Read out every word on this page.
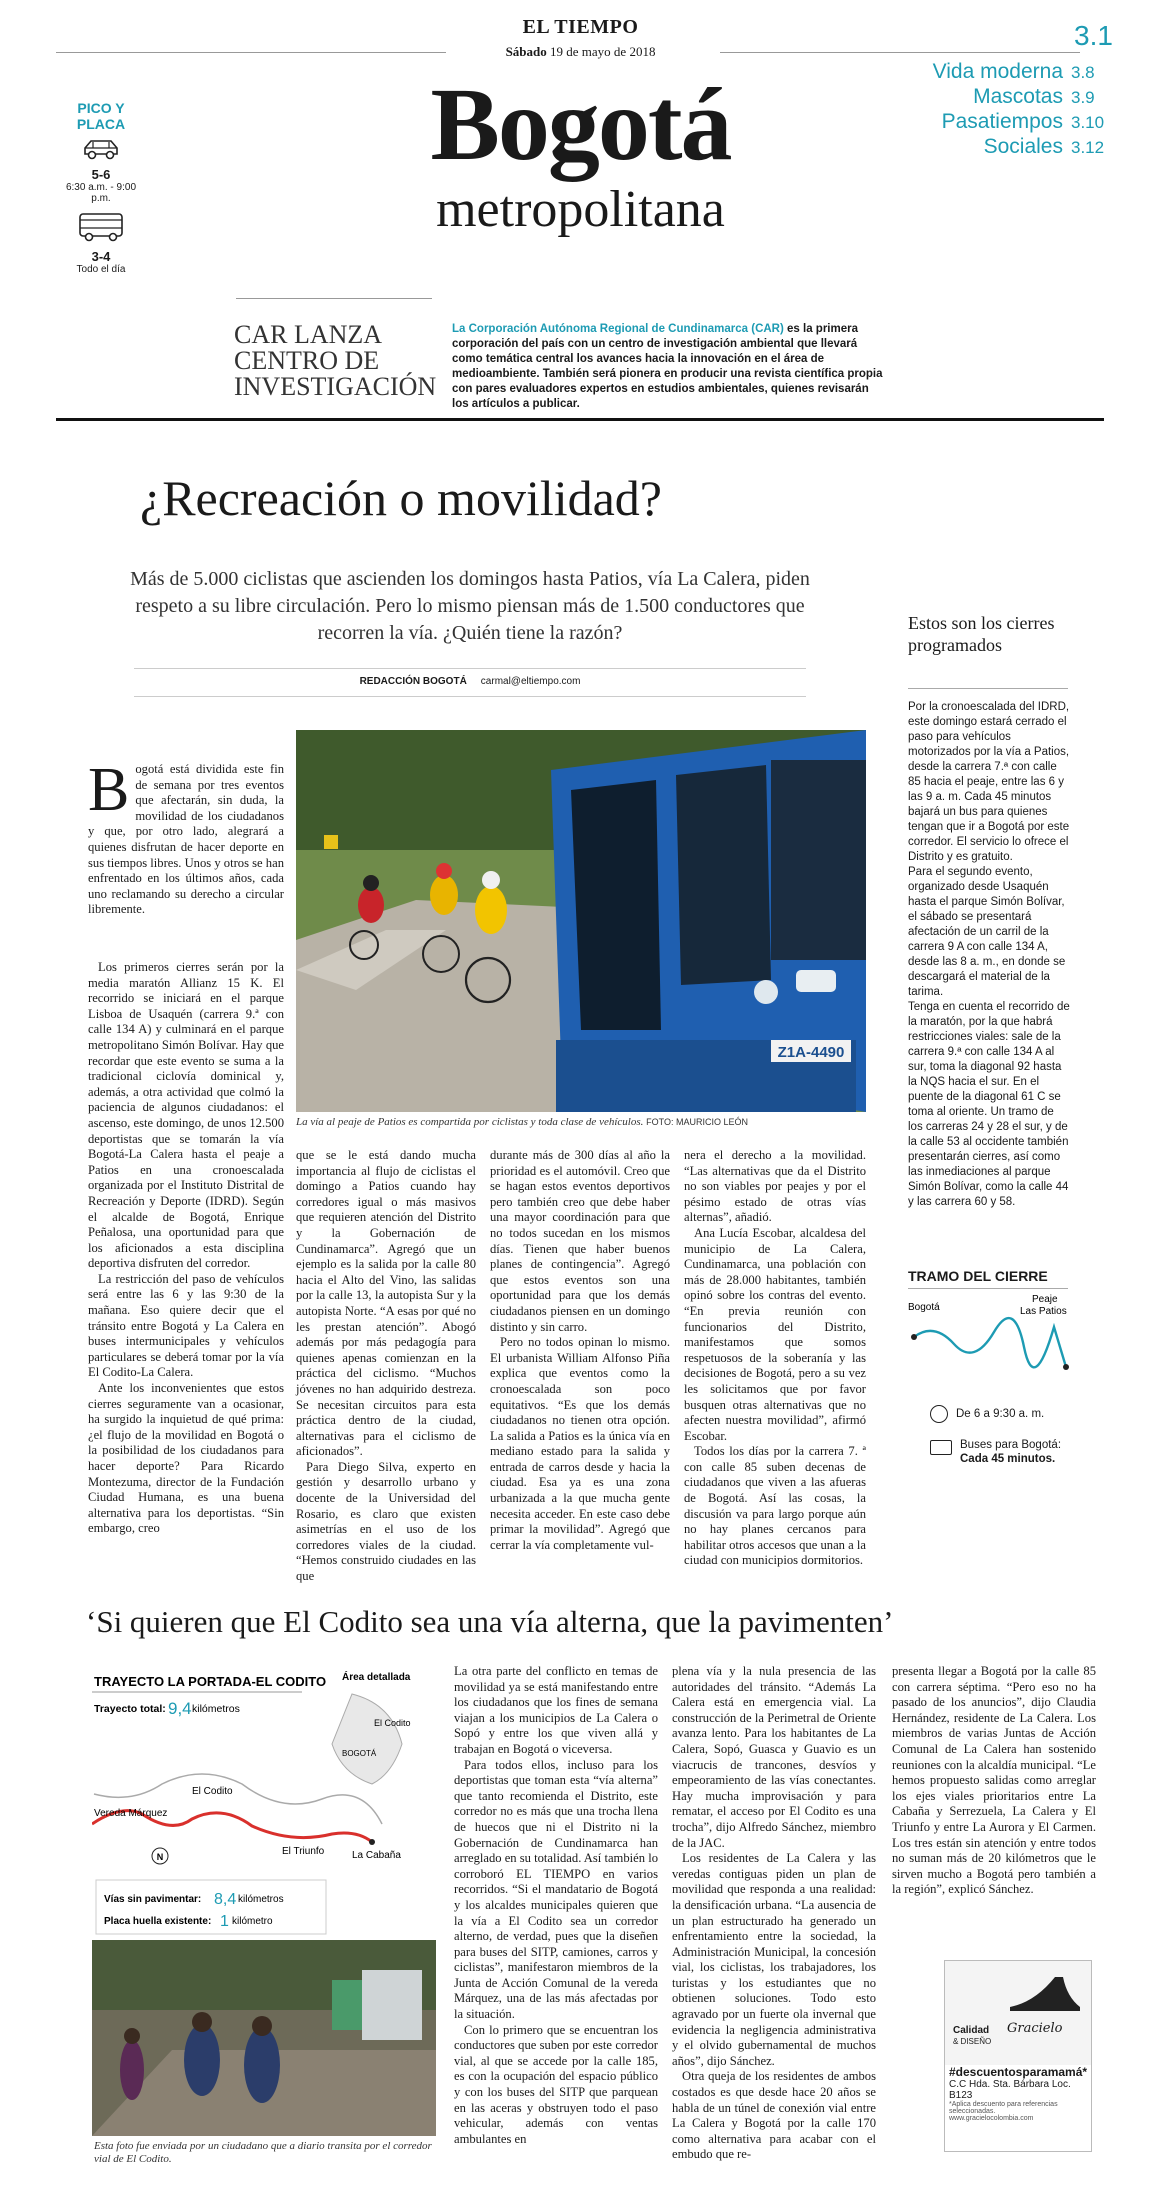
EL TIEMPO
Sábado 19 de mayo de 2018
3.1
Bogotá
metropolitana
Vida moderna 3.8
Mascotas 3.9
Pasatiempos 3.10
Sociales 3.12
PICO Y PLACA
5-6
6:30 a.m. - 9:00 p.m.
3-4
Todo el día
CAR LANZA CENTRO DE INVESTIGACIÓN
La Corporación Autónoma Regional de Cundinamarca (CAR) es la primera corporación del país con un centro de investigación ambiental que llevará como temática central los avances hacia la innovación en el área de medioambiente. También será pionera en producir una revista científica propia con pares evaluadores expertos en estudios ambientales, quienes revisarán los artículos a publicar.
¿Recreación o movilidad?
Más de 5.000 ciclistas que ascienden los domingos hasta Patios, vía La Calera, piden respeto a su libre circulación. Pero lo mismo piensan más de 1.500 conductores que recorren la vía. ¿Quién tiene la razón?
REDACCIÓN BOGOTÁ carmal@eltiempo.com
Z1A-4490
La vía al peaje de Patios es compartida por ciclistas y toda clase de vehículos. FOTO: MAURICIO LEÓN

Bogotá está dividida este fin de semana por tres eventos que afectarán, sin duda, la movilidad de los ciudadanos y que, por otro lado, alegrará a quienes disfrutan de hacer deporte en sus tiempos libres. Unos y otros se han enfrentado en los últimos años, cada uno reclamando su derecho a circular libremente.

Los primeros cierres serán por la media maratón Allianz 15 K. El recorrido se iniciará en el parque Lisboa de Usaquén (carrera 9.ª con calle 134 A) y culminará en el parque metropolitano Simón Bolívar. Hay que recordar que este evento se suma a la tradicional ciclovía dominical y, además, a otra actividad que colmó la paciencia de algunos ciudadanos: el ascenso, este domingo, de unos 12.500 deportistas que se tomarán la vía Bogotá-La Calera hasta el peaje a Patios en una cronoescalada organizada por el Instituto Distrital de Recreación y Deporte (IDRD). Según el alcalde de Bogotá, Enrique Peñalosa, una oportunidad para que los aficionados a esta disciplina deportiva disfruten del corredor.

La restricción del paso de vehículos será entre las 6 y las 9:30 de la mañana. Eso quiere decir que el tránsito entre Bogotá y La Calera en buses intermunicipales y vehículos particulares se deberá tomar por la vía El Codito-La Calera.

Ante los inconvenientes que estos cierres seguramente van a ocasionar, ha surgido la inquietud de qué prima: ¿el flujo de la movilidad en Bogotá o la posibilidad de los ciudadanos para hacer deporte? Para Ricardo Montezuma, director de la Fundación Ciudad Humana, es una buena alternativa para los deportistas. “Sin embargo, creo

que se le está dando mucha importancia al flujo de ciclistas el domingo a Patios cuando hay corredores igual o más masivos que requieren atención del Distrito y la Gobernación de Cundinamarca”. Agregó que un ejemplo es la salida por la calle 80 hacia el Alto del Vino, las salidas por la calle 13, la autopista Sur y la autopista Norte. “A esas por qué no les prestan atención”. Abogó además por más pedagogía para quienes apenas comienzan en la práctica del ciclismo. “Muchos jóvenes no han adquirido destreza. Se necesitan circuitos para esta práctica dentro de la ciudad, alternativas para el ciclismo de aficionados”.

Para Diego Silva, experto en gestión y desarrollo urbano y docente de la Universidad del Rosario, es claro que existen asimetrías en el uso de los corredores viales de la ciudad. “Hemos construido ciudades en las que

durante más de 300 días al año la prioridad es el automóvil. Creo que se hagan estos eventos deportivos pero también creo que debe haber una mayor coordinación para que no todos sucedan en los mismos días. Tienen que haber buenos planes de contingencia”. Agregó que estos eventos son una oportunidad para que los demás ciudadanos piensen en un domingo distinto y sin carro.

Pero no todos opinan lo mismo. El urbanista William Alfonso Piña explica que eventos como la cronoescalada son poco equitativos. “Es que los demás ciudadanos no tienen otra opción. La salida a Patios es la única vía en mediano estado para la salida y entrada de carros desde y hacia la ciudad. Esa ya es una zona urbanizada a la que mucha gente necesita acceder. En este caso debe primar la movilidad”. Agregó que cerrar la vía completamente vul-

nera el derecho a la movilidad. “Las alternativas que da el Distrito no son viables por peajes y por el pésimo estado de otras vías alternas”, añadió.

Ana Lucía Escobar, alcaldesa del municipio de La Calera, Cundinamarca, una población con más de 28.000 habitantes, también opinó sobre los contras del evento. “En previa reunión con funcionarios del Distrito, manifestamos que somos respetuosos de la soberanía y las decisiones de Bogotá, pero a su vez les solicitamos que por favor busquen otras alternativas que no afecten nuestra movilidad”, afirmó Escobar.

Todos los días por la carrera 7. ª con calle 85 suben decenas de ciudadanos que viven a las afueras de Bogotá. Así las cosas, la discusión va para largo porque aún no hay planes cercanos para habilitar otros accesos que unan a la ciudad con municipios dormitorios.

Estos son los cierres programados
Por la cronoescalada del IDRD, este domingo estará cerrado el paso para vehículos motorizados por la vía a Patios, desde la carrera 7.ª con calle 85 hacia el peaje, entre las 6 y las 9 a. m. Cada 45 minutos bajará un bus para quienes tengan que ir a Bogotá por este corredor. El servicio lo ofrece el Distrito y es gratuito.
Para el segundo evento, organizado desde Usaquén hasta el parque Simón Bolívar, el sábado se presentará afectación de un carril de la carrera 9 A con calle 134 A, desde las 8 a. m., en donde se descargará el material de la tarima.
Tenga en cuenta el recorrido de la maratón, por la que habrá restricciones viales: sale de la carrera 9.ª con calle 134 A al sur, toma la diagonal 92 hasta la NQS hacia el sur. En el puente de la diagonal 61 C se toma al oriente. Un tramo de los carreras 24 y 28 el sur, y de la calle 53 al occidente también presentarán cierres, así como las inmediaciones al parque Simón Bolívar, como la calle 44 y las carrera 60 y 58.
TRAMO DEL CIERRE
Bogotá
Peaje
Las Patios
De 6 a 9:30 a. m.
Buses para Bogotá:
Cada 45 minutos.
‘Si quieren que El Codito sea una vía alterna, que la pavimenten’
TRAYECTO LA PORTADA-EL CODITO
Trayecto total: 9,4 kilómetros
Área detallada
El Codito
BOGOTÁ
Vereda Márquez
El Codito
El Triunfo	La Cabaña
N
Vías sin pavimentar: 8,4 kilómetros
Placa huella existente: 1 kilómetro
Esta foto fue enviada por un ciudadano que a diario transita por el corredor vial de El Codito.

La otra parte del conflicto en temas de movilidad ya se está manifestando entre los ciudadanos que los fines de semana viajan a los municipios de La Calera o Sopó y entre los que viven allá y trabajan en Bogotá o viceversa.

Para todos ellos, incluso para los deportistas que toman esta “vía alterna” que tanto recomienda el Distrito, este corredor no es más que una trocha llena de huecos que ni el Distrito ni la Gobernación de Cundinamarca han arreglado en su totalidad. Así también lo corroboró EL TIEMPO en varios recorridos. “Si el mandatario de Bogotá y los alcaldes municipales quieren que la vía a El Codito sea un corredor alterno, de verdad, pues que la diseñen para buses del SITP, camiones, carros y ciclistas”, manifestaron miembros de la Junta de Acción Comunal de la vereda Márquez, una de las más afectadas por la situación.

Con lo primero que se encuentran los conductores que suben por este corredor vial, al que se accede por la calle 185, es con la ocupación del espacio público y con los buses del SITP que parquean en las aceras y obstruyen todo el paso vehicular, además con ventas ambulantes en

plena vía y la nula presencia de las autoridades del tránsito. “Además La Calera está en emergencia vial. La construcción de la Perimetral de Oriente avanza lento. Para los habitantes de La Calera, Sopó, Guasca y Guavio es un viacrucis de trancones, desvíos y empeoramiento de las vías conectantes. Hay mucha improvisación y para rematar, el acceso por El Codito es una trocha”, dijo Alfredo Sánchez, miembro de la JAC.

Los residentes de La Calera y las veredas contiguas piden un plan de movilidad que responda a una realidad: la densificación urbana. “La ausencia de un plan estructurado ha generado un enfrentamiento entre la sociedad, la Administración Municipal, la concesión vial, los ciclistas, los trabajadores, los turistas y los estudiantes que no obtienen soluciones. Todo esto agravado por un fuerte ola invernal que evidencia la negligencia administrativa y el olvido gubernamental de muchos años”, dijo Sánchez.

Otra queja de los residentes de ambos costados es que desde hace 20 años se habla de un túnel de conexión vial entre La Calera y Bogotá por la calle 170 como alternativa para acabar con el embudo que re-

presenta llegar a Bogotá por la calle 85 con carrera séptima. “Pero eso no ha pasado de los anuncios”, dijo Claudia Hernández, residente de La Calera. Los miembros de varias Juntas de Acción Comunal de La Calera han sostenido reuniones con la alcaldía municipal. “Le hemos propuesto salidas como arreglar los ejes viales prioritarios entre La Cabaña y Serrezuela, La Calera y El Triunfo y entre La Aurora y El Carmen. Los tres están sin atención y entre todos no suman más de 20 kilómetros que le sirven mucho a Bogotá pero también a la región”, explicó Sánchez.

Calidad
& DISEÑO
Gracielo
#descuentosparamamá*
C.C Hda. Sta. Bárbara Loc. B123
*Aplica descuento para referencias seleccionadas.
www.gracielocolombia.com
